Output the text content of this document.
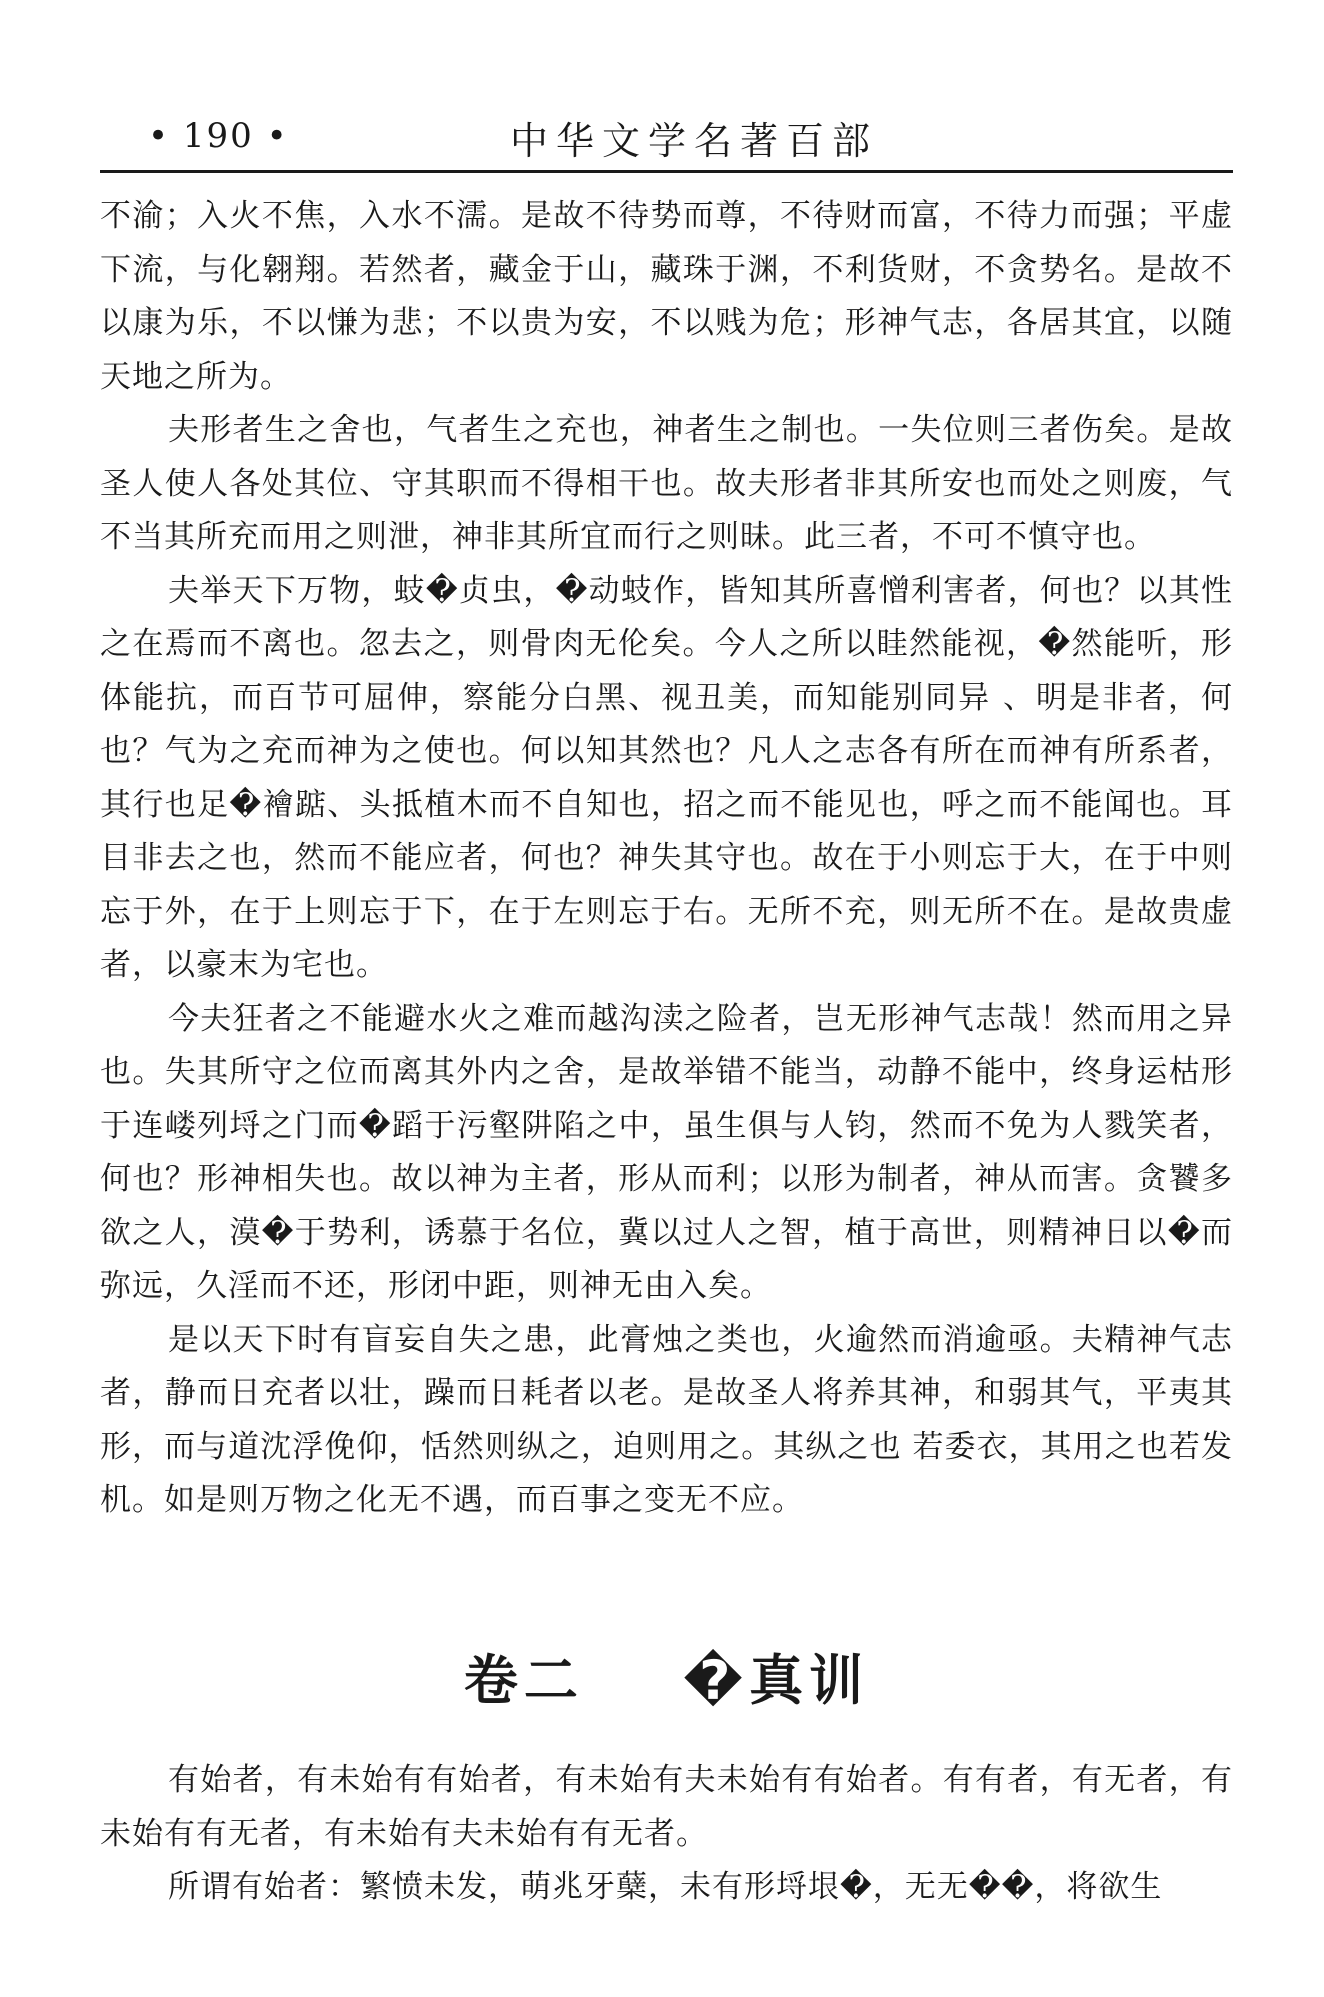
• 190 •	中华文学名著百部

不渝；入火不焦，入水不濡。是故不待势而尊，不待财而富，不待力而强；平虚下流，与化翱翔。若然者，藏金于山，藏珠于渊，不利货财，不贪势名。是故不以康为乐，不以慊为悲；不以贵为安，不以贱为危；形神气志，各居其宜，以随天地之所为。

夫形者生之舍也，气者生之充也，神者生之制也。一失位则三者伤矣。是故圣人使人各处其位、守其职而不得相干也。故夫形者非其所安也而处之则废，气不当其所充而用之则泄，神非其所宜而行之则昧。此三者，不可不慎守也。

夫举天下万物，蚑�贞虫，�动蚑作，皆知其所喜憎利害者，何也？以其性之在焉而不离也。忽去之，则骨肉无伦矣。今人之所以眭然能视，�然能听，形体能抗，而百节可屈伸，察能分白黑、视丑美，而知能别同异 、明是非者，何也？气为之充而神为之使也。何以知其然也？凡人之志各有所在而神有所系者，其行也足�襘踮、头抵植木而不自知也，招之而不能见也，呼之而不能闻也。耳目非去之也，然而不能应者，何也？神失其守也。故在于小则忘于大，在于中则忘于外，在于上则忘于下，在于左则忘于右。无所不充，则无所不在。是故贵虚者，以豪末为宅也。

今夫狂者之不能避水火之难而越沟渎之险者，岂无形神气志哉！然而用之异也。失其所守之位而离其外内之舍，是故举错不能当，动静不能中，终身运枯形于连嵝列埒之门而�蹈于污壑阱陷之中，虽生俱与人钧，然而不免为人戮笑者，何也？形神相失也。故以神为主者，形从而利；以形为制者，神从而害。贪饕多欲之人，漠�于势利，诱慕于名位，冀以过人之智，植于高世，则精神日以�而弥远，久淫而不还，形闭中距，则神无由入矣。

是以天下时有盲妄自失之患，此膏烛之类也，火逾然而消逾亟。夫精神气志者，静而日充者以壮，躁而日耗者以老。是故圣人将养其神，和弱其气，平夷其形，而与道沈浮俛仰，恬然则纵之，迫则用之。其纵之也 若委衣，其用之也若发机。如是则万物之化无不遇，而百事之变无不应。

卷二    �真训

有始者，有未始有有始者，有未始有夫未始有有始者。有有者，有无者，有未始有有无者，有未始有夫未始有有无者。

所谓有始者：繁愤未发，萌兆牙蘖，未有形埒垠�，无无��，将欲生
